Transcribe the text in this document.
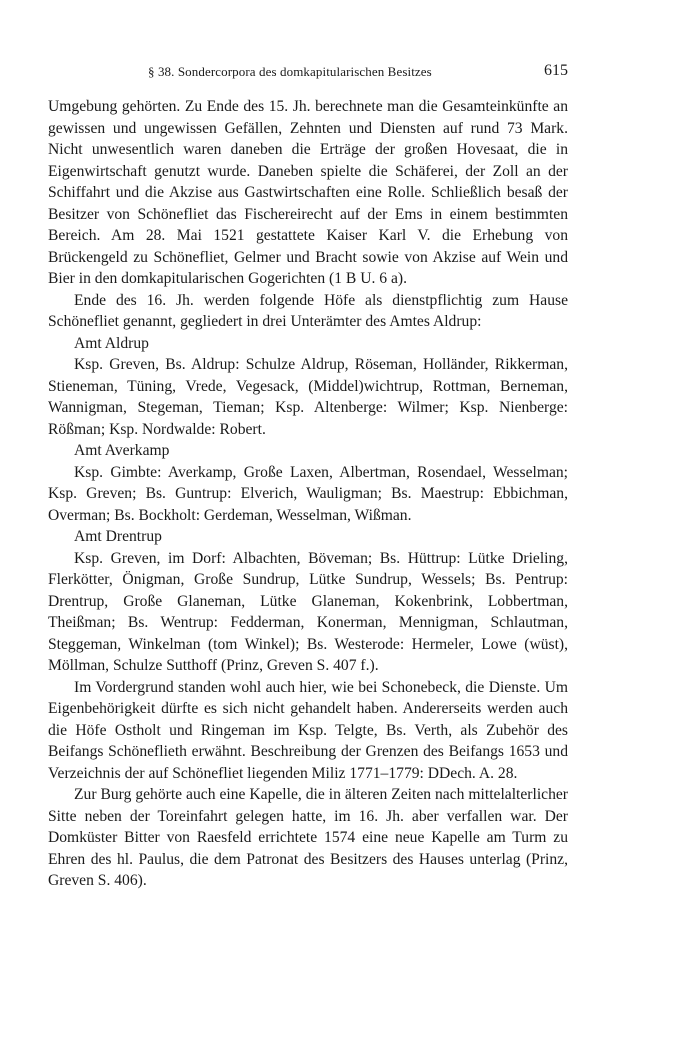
§ 38. Sondercorpora des domkapitularischen Besitzes	615

Umgebung gehörten. Zu Ende des 15. Jh. berechnete man die Gesamteinkünfte an gewissen und ungewissen Gefällen, Zehnten und Diensten auf rund 73 Mark. Nicht unwesentlich waren daneben die Erträge der großen Hovesaat, die in Eigenwirtschaft genutzt wurde. Daneben spielte die Schäferei, der Zoll an der Schiffahrt und die Akzise aus Gastwirtschaften eine Rolle. Schließlich besaß der Besitzer von Schönefliet das Fischereirecht auf der Ems in einem bestimmten Bereich. Am 28. Mai 1521 gestattete Kaiser Karl V. die Erhebung von Brückengeld zu Schönefliet, Gelmer und Bracht sowie von Akzise auf Wein und Bier in den domkapitularischen Gogerichten (1 B U. 6 a).

Ende des 16. Jh. werden folgende Höfe als dienstpflichtig zum Hause Schönefliet genannt, gegliedert in drei Unterämter des Amtes Aldrup:

Amt Aldrup

Ksp. Greven, Bs. Aldrup: Schulze Aldrup, Röseman, Holländer, Rikkerman, Stieneman, Tüning, Vrede, Vegesack, (Middel)wichtrup, Rottman, Berneman, Wannigman, Stegeman, Tieman; Ksp. Altenberge: Wilmer; Ksp. Nienberge: Rößman; Ksp. Nordwalde: Robert.

Amt Averkamp

Ksp. Gimbte: Averkamp, Große Laxen, Albertman, Rosendael, Wesselman; Ksp. Greven; Bs. Guntrup: Elverich, Wauligman; Bs. Maestrup: Ebbichman, Overman; Bs. Bockholt: Gerdeman, Wesselman, Wißman.

Amt Drentrup

Ksp. Greven, im Dorf: Albachten, Böveman; Bs. Hüttrup: Lütke Drieling, Flerkötter, Önigman, Große Sundrup, Lütke Sundrup, Wessels; Bs. Pentrup: Drentrup, Große Glaneman, Lütke Glaneman, Kokenbrink, Lobbertman, Theißman; Bs. Wentrup: Fedderman, Konerman, Mennigman, Schlautman, Steggeman, Winkelman (tom Winkel); Bs. Westerode: Hermeler, Lowe (wüst), Möllman, Schulze Sutthoff (Prinz, Greven S. 407 f.).

Im Vordergrund standen wohl auch hier, wie bei Schonebeck, die Dienste. Um Eigenbehörigkeit dürfte es sich nicht gehandelt haben. Andererseits werden auch die Höfe Ostholt und Ringeman im Ksp. Telgte, Bs. Verth, als Zubehör des Beifangs Schönefliеth erwähnt. Beschreibung der Grenzen des Beifangs 1653 und Verzeichnis der auf Schönefliet liegenden Miliz 1771–1779: DDech. A. 28.

Zur Burg gehörte auch eine Kapelle, die in älteren Zeiten nach mittelalterlicher Sitte neben der Toreinfahrt gelegen hatte, im 16. Jh. aber verfallen war. Der Domküster Bitter von Raesfeld errichtete 1574 eine neue Kapelle am Turm zu Ehren des hl. Paulus, die dem Patronat des Besitzers des Hauses unterlag (Prinz, Greven S. 406).
